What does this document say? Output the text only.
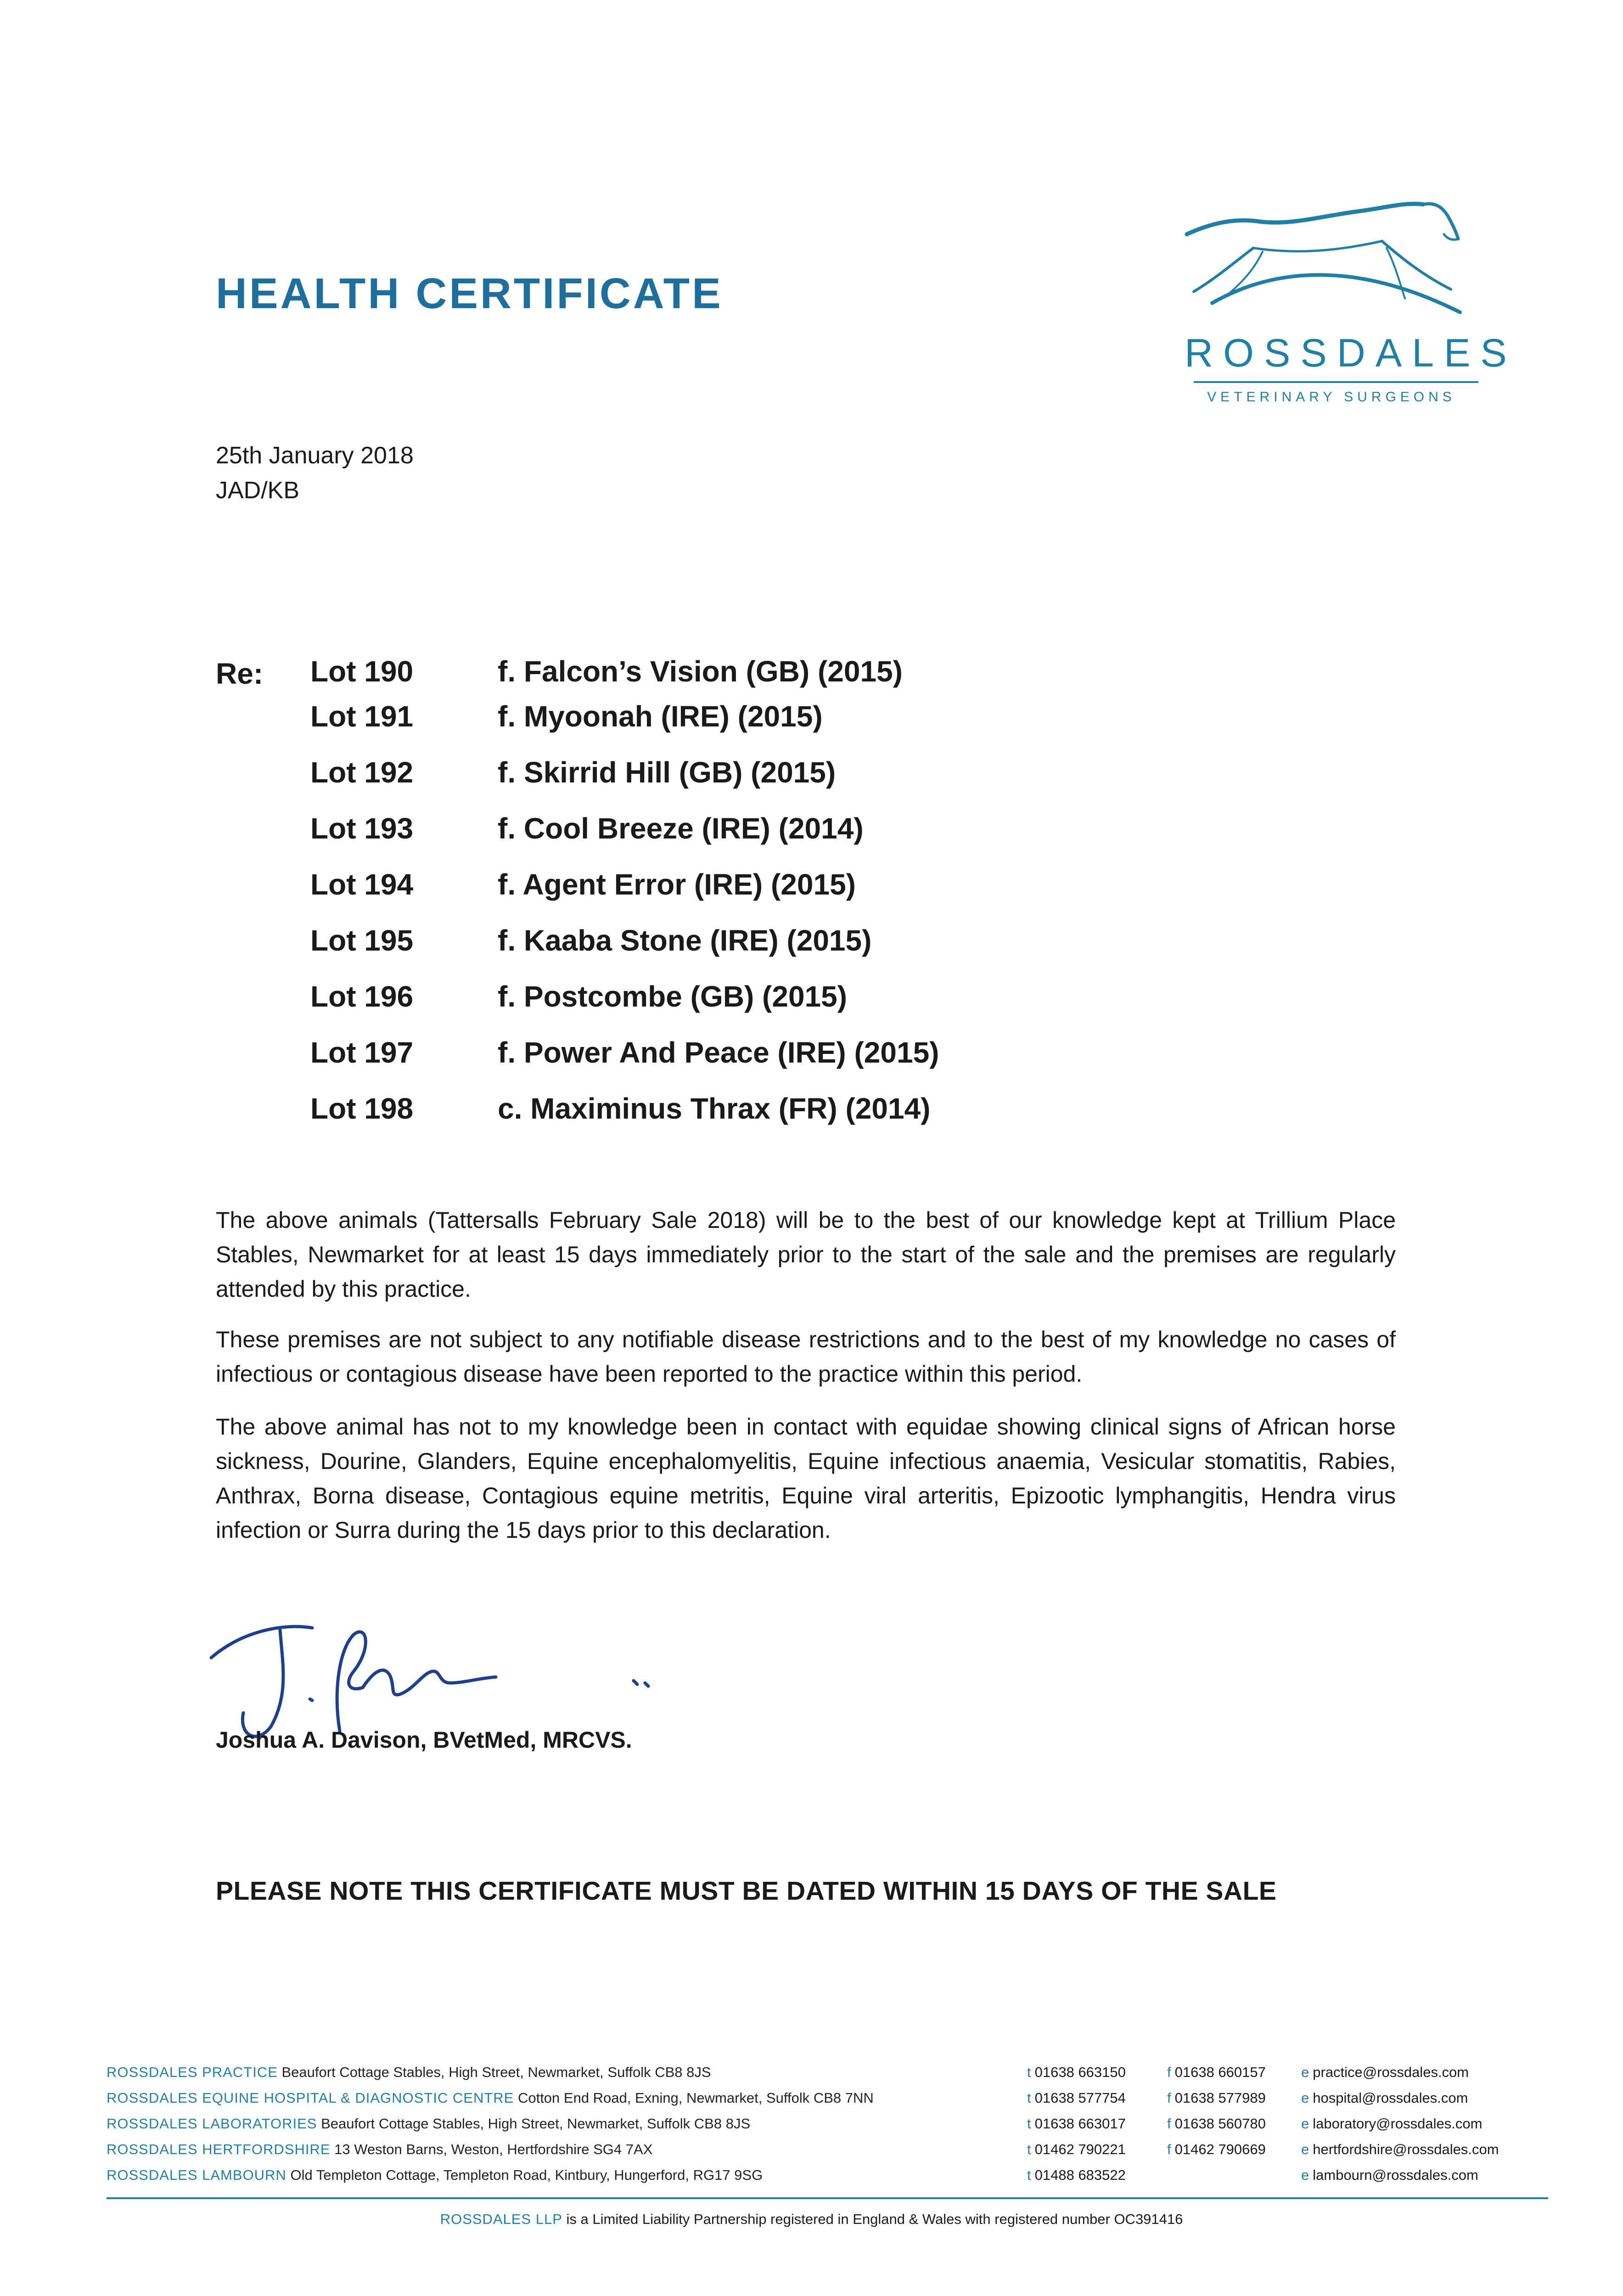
HEALTH CERTIFICATE
ROSSDALES
VETERINARY SURGEONS
25th January 2018
JAD/KB
Re: Lot 190	f. Falcon’s Vision (GB) (2015)
Lot 191	f. Myoonah (IRE) (2015)
Lot 192	f. Skirrid Hill (GB) (2015)
Lot 193	f. Cool Breeze (IRE) (2014)
Lot 194	f. Agent Error (IRE) (2015)
Lot 195	f. Kaaba Stone (IRE) (2015)
Lot 196	f. Postcombe (GB) (2015)
Lot 197	f. Power And Peace (IRE) (2015)
Lot 198	c. Maximinus Thrax (FR) (2014)
The above animals (Tattersalls February Sale 2018) will be to the best of our knowledge kept at Trillium Place Stables, Newmarket for at least 15 days immediately prior to the start of the sale and the premises are regularly attended by this practice.
These premises are not subject to any notifiable disease restrictions and to the best of my knowledge no cases of infectious or contagious disease have been reported to the practice within this period.
The above animal has not to my knowledge been in contact with equidae showing clinical signs of African horse sickness, Dourine, Glanders, Equine encephalomyelitis, Equine infectious anaemia, Vesicular stomatitis, Rabies, Anthrax, Borna disease, Contagious equine metritis, Equine viral arteritis, Epizootic lymphangitis, Hendra virus infection or Surra during the 15 days prior to this declaration.
Joshua A. Davison, BVetMed, MRCVS.
PLEASE NOTE THIS CERTIFICATE MUST BE DATED WITHIN 15 DAYS OF THE SALE
ROSSDALES PRACTICE Beaufort Cottage Stables, High Street, Newmarket, Suffolk CB8 8JS	t 01638 663150	f 01638 660157 e practice@rossdales.com
ROSSDALES EQUINE HOSPITAL & DIAGNOSTIC CENTRE Cotton End Road, Exning, Newmarket, Suffolk CB8 7NN	t 01638 577754	f 01638 577989 e hospital@rossdales.com
ROSSDALES LABORATORIES Beaufort Cottage Stables, High Street, Newmarket, Suffolk CB8 8JS	t 01638 663017	f 01638 560780 e laboratory@rossdales.com
ROSSDALES HERTFORDSHIRE 13 Weston Barns, Weston, Hertfordshire SG4 7AX	t 01462 790221	f 01462 790669 e hertfordshire@rossdales.com
ROSSDALES LAMBOURN Old Templeton Cottage, Templeton Road, Kintbury, Hungerford, RG17 9SG	t 01488 683522	e lambourn@rossdales.com
ROSSDALES LLP is a Limited Liability Partnership registered in England & Wales with registered number OC391416
